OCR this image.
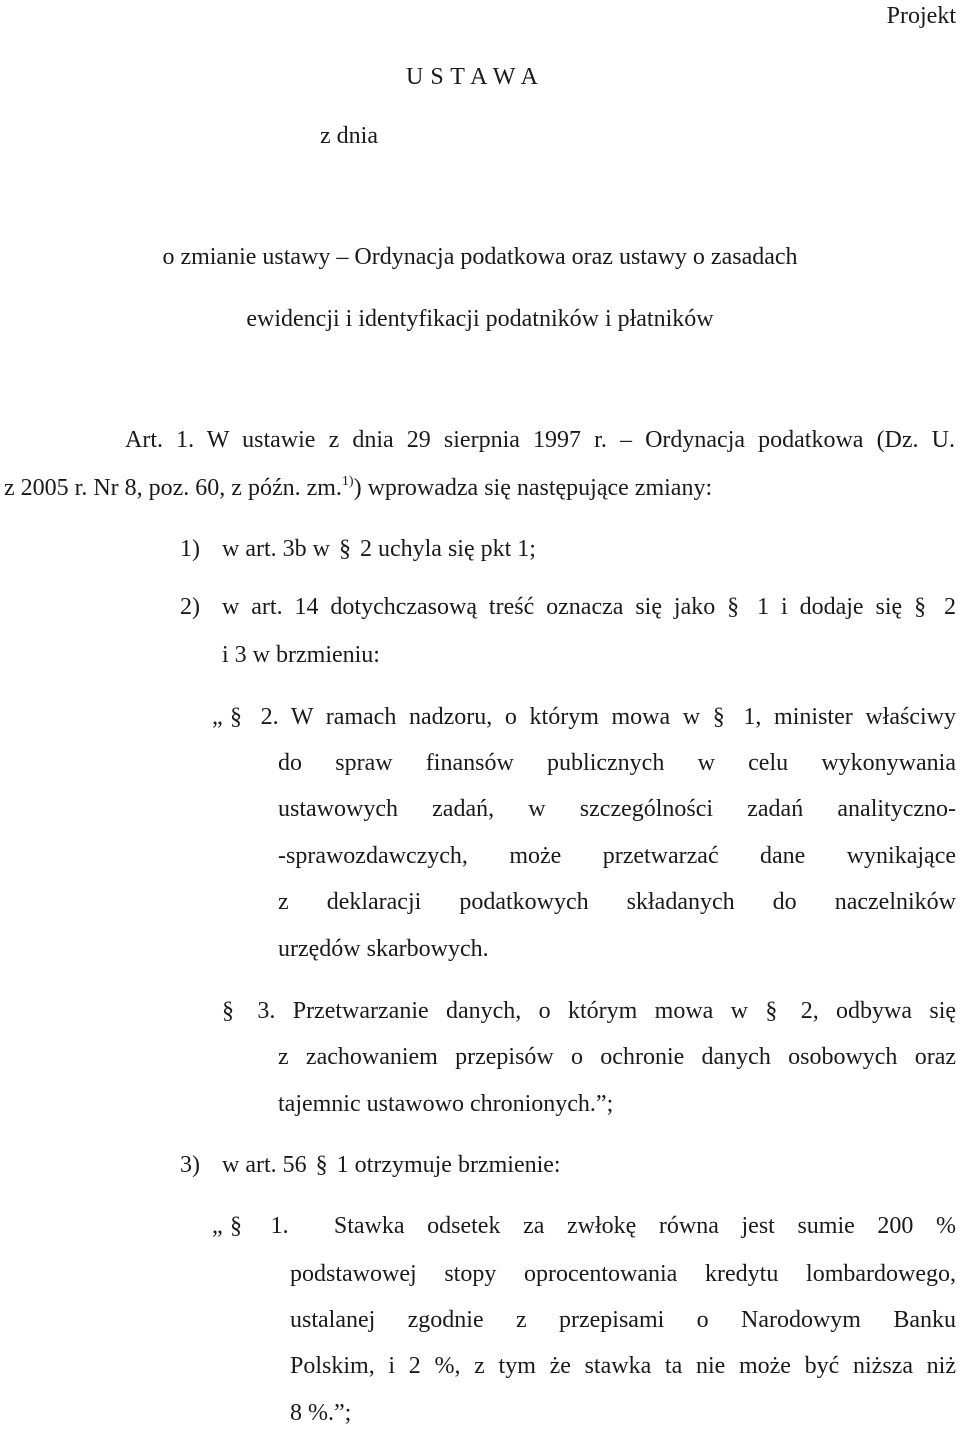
Projekt
U S T A W A
z dnia
o zmianie ustawy – Ordynacja podatkowa oraz ustawy o zasadach
ewidencji i identyfikacji podatników i płatników
Art. 1. W ustawie z dnia 29 sierpnia 1997 r. – Ordynacja podatkowa (Dz. U.
z 2005 r. Nr 8, poz. 60, z późn. zm.$^{1)}$) wprowadza się następujące zmiany:
1) w art. 3b w § 2 uchyla się pkt 1;
2) w art. 14 dotychczasową treść oznacza się jako § 1 i dodaje się § 2
i 3 w brzmieniu:
„ §	2. W ramach nadzoru, o którym mowa w § 1, minister właściwy
do spraw finansów publicznych w celu wykonywania
ustawowych zadań, w szczególności zadań analityczno-
-sprawozdawczych, może przetwarzać dane wynikające
z deklaracji podatkowych składanych do naczelników
urzędów skarbowych.
§ 3. Przetwarzanie danych, o którym mowa w § 2, odbywa się
z zachowaniem przepisów o ochronie danych osobowych oraz
tajemnic ustawowo chronionych.”;
3) w art. 56 § 1 otrzymuje brzmienie:
„ §	1. Stawka odsetek za zwłokę równa jest sumie 200 %
podstawowej stopy oprocentowania kredytu lombardowego,
ustalanej zgodnie z przepisami o Narodowym Banku
Polskim, i 2 %, z tym że stawka ta nie może być niższa niż
8 %.”;
